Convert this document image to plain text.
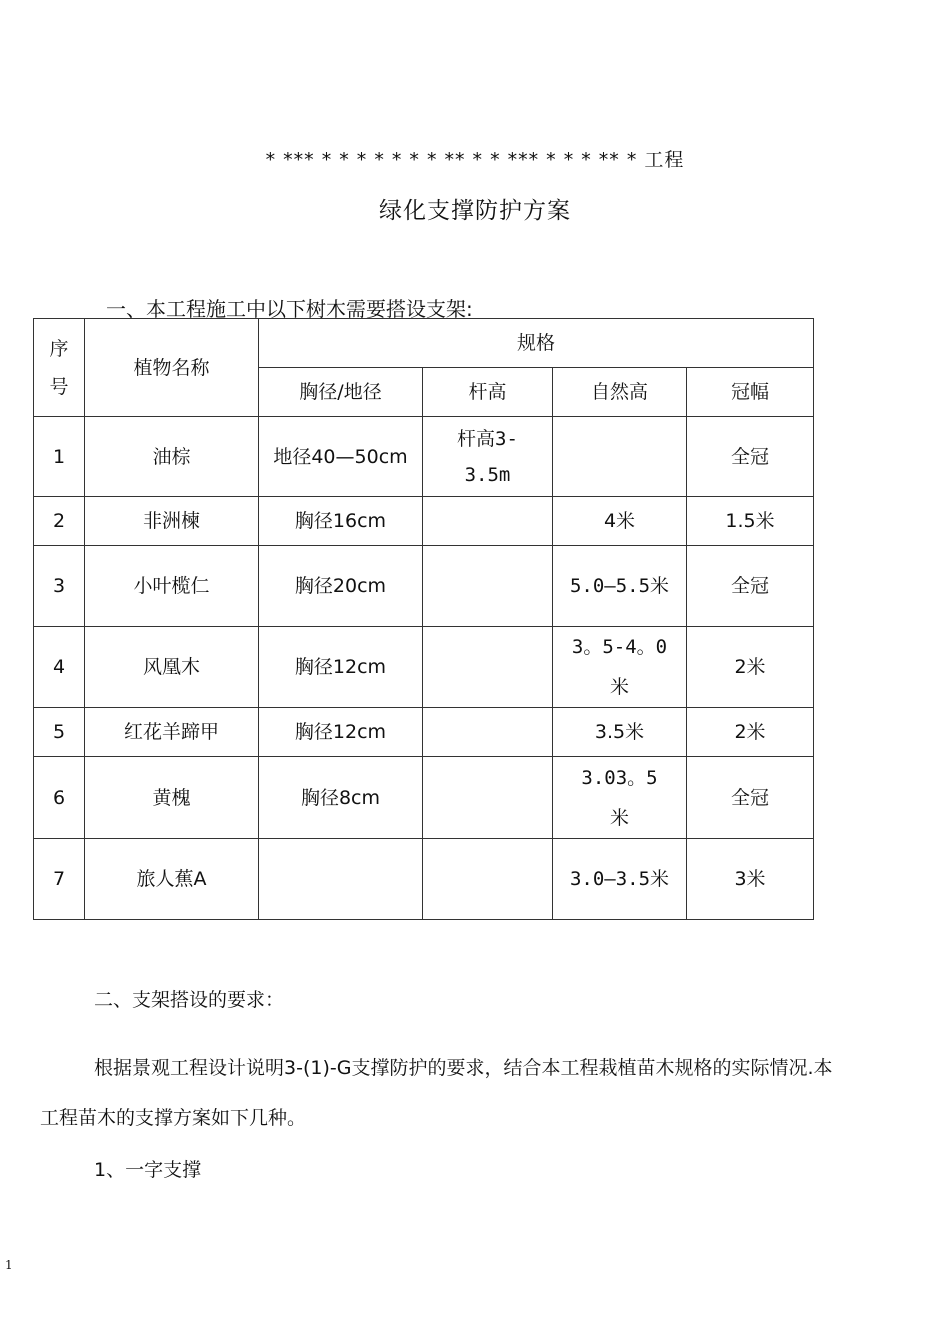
* *** * * * * * * * ** * * *** * * * ** * 工程
绿化支撑防护方案
一、本工程施工中以下树木需要搭设支架:
序号	植物名称	规格			
		胸径/地径	杆高	自然高	冠幅
1	油棕	地径40—50cm	杆高3-3.5m		全冠
2	非洲楝	胸径16cm		4米	1.5米
3	小叶榄仁	胸径20cm		5.0—5.5米	全冠
4	风凰木	胸径12cm		3。5-4。0米	2米
5	红花羊蹄甲	胸径12cm		3.5米	2米
6	黄槐	胸径8cm		3.03。5米	全冠
7	旅人蕉A			3.0—3.5米	3米
二、支架搭设的要求：
根据景观工程设计说明3-(1)-G支撑防护的要求，结合本工程栽植苗木规格的实际情况.本工程苗木的支撑方案如下几种。
1、一字支撑
1
